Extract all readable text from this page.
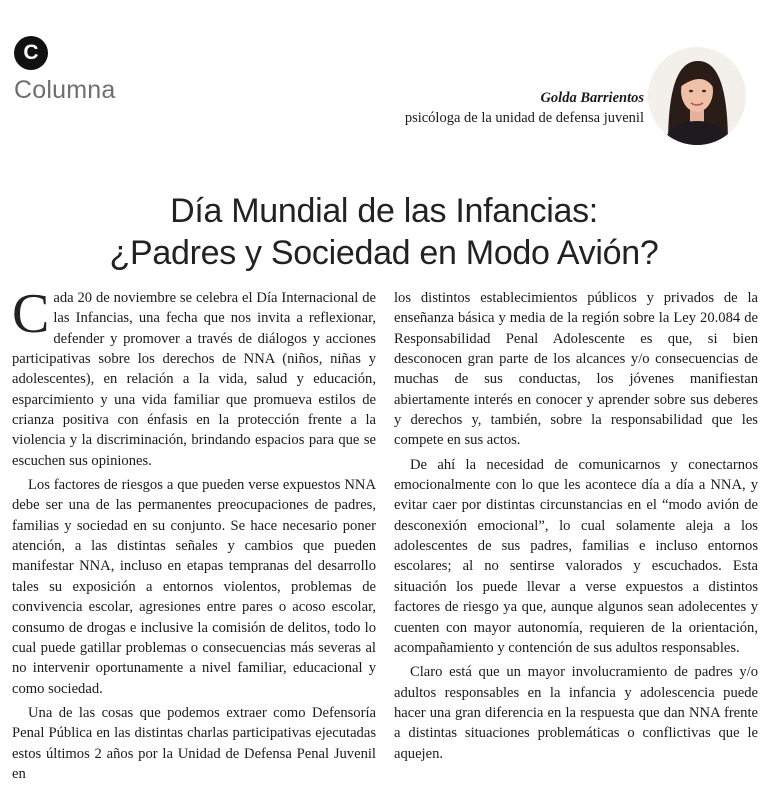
C
Columna	Golda Barrientos
psicóloga de la unidad de defensa juvenil
Día Mundial de las Infancias:
¿Padres y Sociedad en Modo Avión?

Cada 20 de noviembre se celebra el Día Internacional de las Infancias, una fecha que nos invita a reflexionar, defender y promover a través de diálogos y acciones participativas sobre los derechos de NNA (niños, niñas y adolescentes), en relación a la vida, salud y educación, esparcimiento y una vida familiar que promueva estilos de crianza positiva con énfasis en la protección frente a la violencia y la discriminación, brindando espacios para que se escuchen sus opiniones.

Los factores de riesgos a que pueden verse expuestos NNA debe ser una de las permanentes preocupaciones de padres, familias y sociedad en su conjunto. Se hace necesario poner atención, a las distintas señales y cambios que pueden manifestar NNA, incluso en etapas tempranas del desarrollo tales su exposición a entornos violentos, problemas de convivencia escolar, agresiones entre pares o acoso escolar, consumo de drogas e inclusive la comisión de delitos, todo lo cual puede gatillar problemas o consecuencias más severas al no intervenir oportunamente a nivel familiar, educacional y como sociedad.

Una de las cosas que podemos extraer como Defensoría Penal Pública en las distintas charlas participativas ejecutadas estos últimos 2 años por la Unidad de Defensa Penal Juvenil en

los distintos establecimientos públicos y privados de la enseñanza básica y media de la región sobre la Ley 20.084 de Responsabilidad Penal Adolescente es que, si bien desconocen gran parte de los alcances y/o consecuencias de muchas de sus conductas, los jóvenes manifiestan abiertamente interés en conocer y aprender sobre sus deberes y derechos y, también, sobre la responsabilidad que les compete en sus actos.

De ahí la necesidad de comunicarnos y conectarnos emocionalmente con lo que les acontece día a día a NNA, y evitar caer por distintas circunstancias en el “modo avión de desconexión emocional”, lo cual solamente aleja a los adolescentes de sus padres, familias e incluso entornos escolares; al no sentirse valorados y escuchados. Esta situación los puede llevar a verse expuestos a distintos factores de riesgo ya que, aunque algunos sean adolecentes y cuenten con mayor autonomía, requieren de la orientación, acompañamiento y contención de sus adultos responsables.

Claro está que un mayor involucramiento de padres y/o adultos responsables en la infancia y adolescencia puede hacer una gran diferencia en la respuesta que dan NNA frente a distintas situaciones problemáticas o conflictivas que le aquejen.
